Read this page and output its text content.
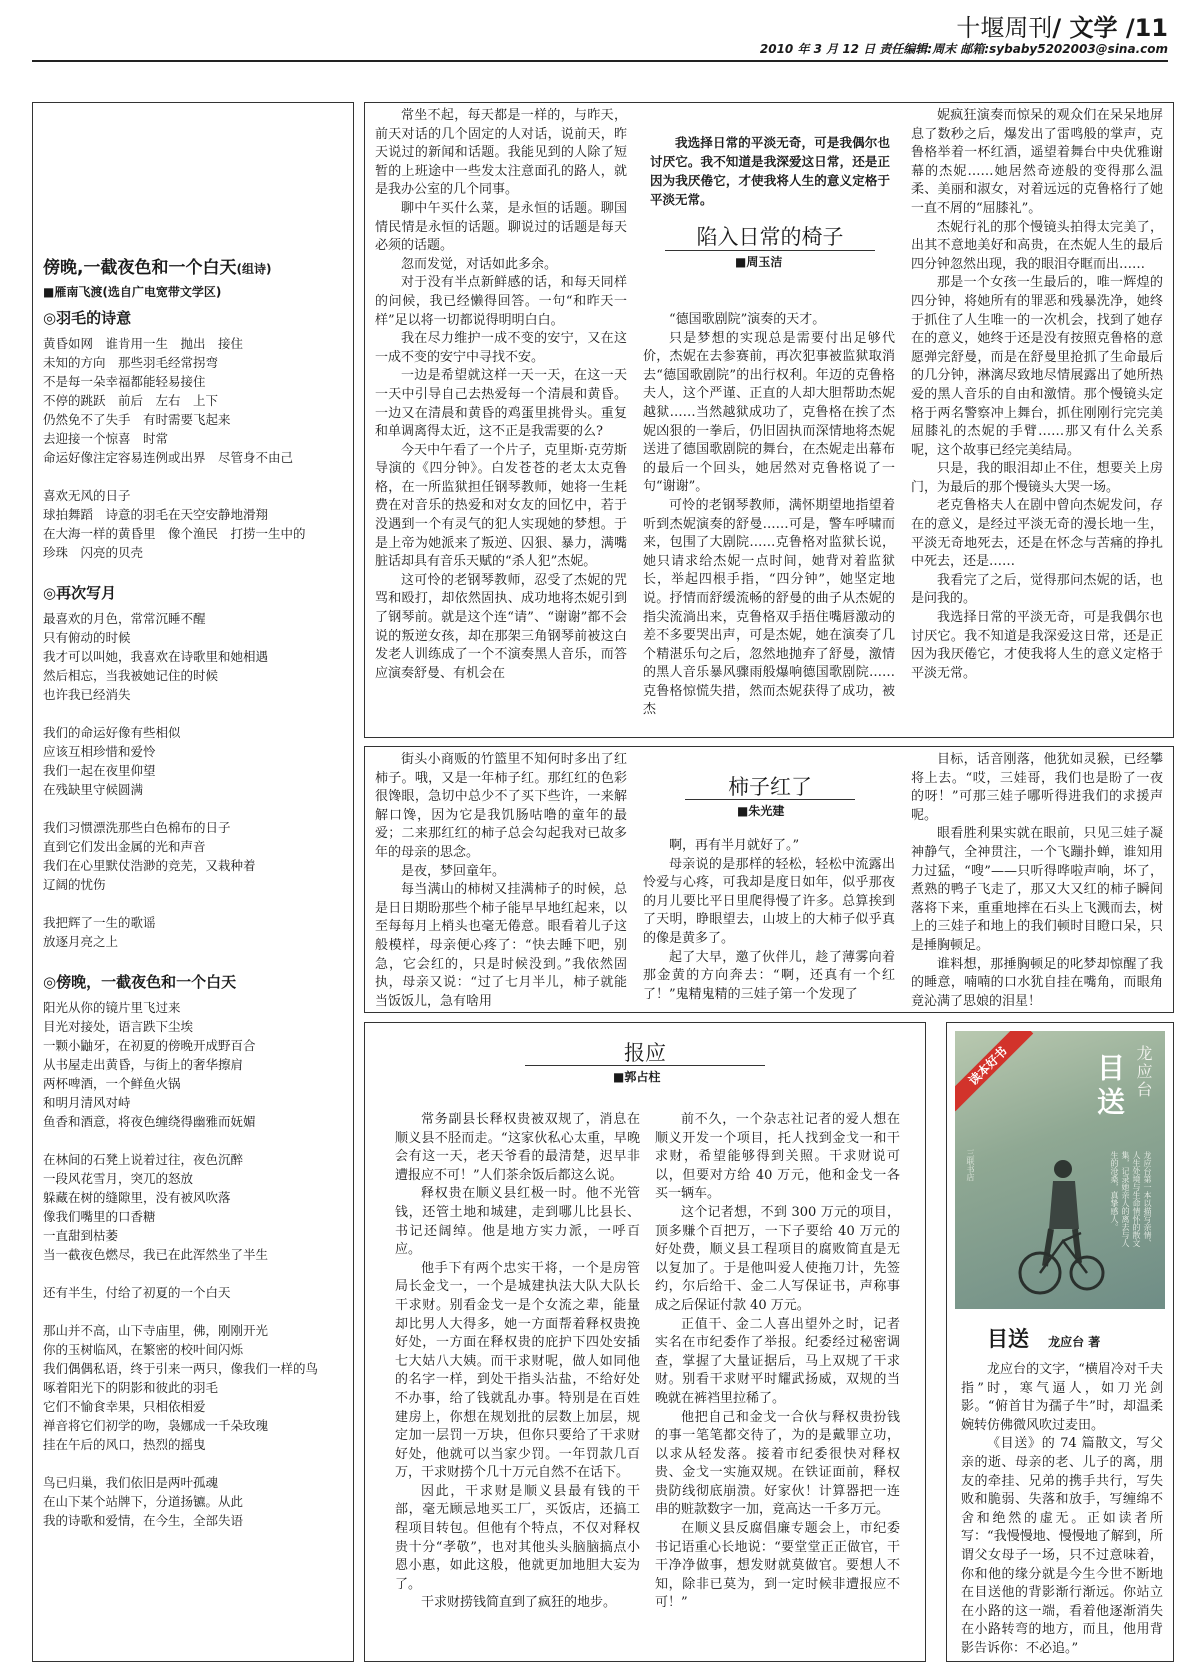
十堰周刊/ 文学 /11
2010 年 3 月 12 日 责任编辑:周末 邮箱:sybaby5202003@sina.com
傍晚,一截夜色和一个白天(组诗)
■雁南飞渡(选自广电宽带文学区)
◎羽毛的诗意
黄昏如网　谁肯用一生　抛出　接住
未知的方向　那些羽毛经常拐弯
不是每一朵幸福都能轻易接住
不停的跳跃　前后　左右　上下
仍然免不了失手　有时需要飞起来
去迎接一个惊喜　时常
命运好像注定容易连例或出界　尽管身不由己
喜欢无风的日子
球拍舞蹈　诗意的羽毛在天空安静地滑翔
在大海一样的黄昏里　像个渔民　打捞一生中的
珍珠　闪亮的贝壳
◎再次写月
最喜欢的月色，常常沉睡不醒
只有俯动的时候
我才可以叫她，我喜欢在诗歌里和她相遇
然后相忘，当我被她记住的时候
也许我已经消失
我们的命运好像有些相似
应该互相珍惜和爱怜
我们一起在夜里仰望
在残缺里守候圆满
我们习惯漂洗那些白色棉布的日子
直到它们发出金属的光和声音
我们在心里默仗浩渺的竞芜，又栽种着
辽阔的忧伤
我把辉了一生的歌谣
放逐月亮之上
◎傍晚，一截夜色和一个白天
阳光从你的镜片里飞过来
目光对接处，语言跌下尘埃
一颗小鼬牙，在初夏的傍晚开成野百合
从书屋走出黄昏，与街上的奢华擦肩
两杯啤酒，一个鲜鱼火锅
和明月清风对峙
鱼香和酒意，将夜色缠绕得幽雅而妩媚
在林间的石凳上说着过往，夜色沉醉
一段风花雪月，突兀的怒放
躲藏在树的缝隙里，没有被风吹落
像我们嘴里的口香糖
一直甜到枯萎
当一截夜色燃尽，我已在此浑然坐了半生
还有半生，付给了初夏的一个白天
那山并不高，山下寺庙里，佛，刚刚开光
你的玉树临风，在繁密的校叶间闪烁
我们偶偶私语，终于引来一两只，像我们一样的鸟
啄着阳光下的阴影和彼此的羽毛
它们不愉食幸果，只相依相爱
禅音将它们初学的吻，袅娜成一千朵玫瑰
挂在午后的风口，热烈的摇曳
鸟已归巢，我们依旧是两叶孤魂
在山下某个站牌下，分道扬镳。从此
我的诗歌和爱情，在今生，全部失语

常坐不起，每天都是一样的，与昨天，前天对话的几个固定的人对话，说前天，昨天说过的新闻和话题。我能见到的人除了短暂的上班途中一些发太注意面孔的路人，就是我办公室的几个同事。

聊中午买什么菜，是永恒的话题。聊国情民情是永恒的话题。聊说过的话题是每天必须的话题。

忽而发觉，对话如此多余。

对于没有半点新鲜感的话，和每天同样的问候，我已经懒得回答。一句“和昨天一样”足以将一切都说得明明白白。

我在尽力维护一成不变的安宁，又在这一成不变的安宁中寻找不安。

一边是希望就这样一天一天，在这一天一天中引导自己去热爱每一个清晨和黄昏。一边又在清晨和黄昏的鸡蛋里挑骨头。重复和单调离得太近，这不正是我需要的么?

今天中午看了一个片子，克里斯·克劳斯导演的《四分钟》。白发苍苍的老太太克鲁格，在一所监狱担任钢琴教师，她将一生耗费在对音乐的热爱和对女友的回忆中，若于没遇到一个有灵气的犯人实现她的梦想。于是上帝为她派来了叛逆、囚狠、暴力，满嘴脏话却具有音乐天赋的“杀人犯”杰妮。

这可怜的老钢琴教师，忍受了杰妮的咒骂和殴打，却依然固执、成功地将杰妮引到了钢琴前。就是这个连“请”、“谢谢”都不会说的叛逆女孩，却在那架三角钢琴前被这白发老人训练成了一个不演奏黑人音乐，而答应演奏舒曼、有机会在

我选择日常的平淡无奇，可是我偶尔也讨厌它。我不知道是我深爱这日常，还是正因为我厌倦它，才使我将人生的意义定格于平淡无常。

陷入日常的椅子
■周玉洁

“德国歌剧院”演奏的天才。

只是梦想的实现总是需要付出足够代价，杰妮在去参赛前，再次犯事被监狱取消去“德国歌剧院”的出行权利。年迈的克鲁格夫人，这个严谨、正直的人却大胆帮助杰妮越狱……当然越狱成功了，克鲁格在挨了杰妮凶狠的一拳后，仍旧固执而深情地将杰妮送进了德国歌剧院的舞台，在杰妮走出幕布的最后一个回头，她居然对克鲁格说了一句“谢谢”。

可怜的老钢琴教师，满怀期望地指望着听到杰妮演奏的舒曼……可是，警车呼啸而来，包围了大剧院……克鲁格对监狱长说，她只请求给杰妮一点时间，她背对着监狱长，举起四根手指，“四分钟”，她坚定地说。抒情而舒缓流畅的舒曼的曲子从杰妮的指尖流淌出来，克鲁格双手捂住嘴唇激动的差不多要哭出声，可是杰妮，她在演奏了几个精湛乐句之后，忽然地抛弃了舒曼，激情的黑人音乐暴风骤雨般爆响德国歌剧院……克鲁格惊慌失措，然而杰妮获得了成功，被杰

妮疯狂演奏而惊呆的观众们在呆呆地屏息了数秒之后，爆发出了雷鸣般的掌声，克鲁格举着一杯红酒，遥望着舞台中央优雅谢幕的杰妮……她居然奇迹般的变得那么温柔、美丽和淑女，对着远远的克鲁格行了她一直不屑的“屈膝礼”。

杰妮行礼的那个慢镜头拍得太完美了，出其不意地美好和高贵，在杰妮人生的最后四分钟忽然出现，我的眼泪夺眶而出……

那是一个女孩一生最后的，唯一辉煌的四分钟，将她所有的罪恶和残暴洗净，她终于抓住了人生唯一的一次机会，找到了她存在的意义，她终于还是没有按照克鲁格的意愿弹完舒曼，而是在舒曼里抢抓了生命最后的几分钟，淋漓尽致地尽情展露出了她所热爱的黑人音乐的自由和激情。那个慢镜头定格于两名警察冲上舞台，抓住刚刚行完完美屈膝礼的杰妮的手臂……那又有什么关系呢，这个故事已经完美结局。

只是，我的眼泪却止不住，想要关上房门，为最后的那个慢镜头大哭一场。

老克鲁格夫人在剧中曾向杰妮发问，存在的意义，是经过平淡无奇的漫长地一生，平淡无奇地死去，还是在怀念与苦痛的挣扎中死去，还是……

我看完了之后，觉得那问杰妮的话，也是问我的。

我选择日常的平淡无奇，可是我偶尔也讨厌它。我不知道是我深爱这日常，还是正因为我厌倦它，才使我将人生的意义定格于平淡无常。

街头小商贩的竹篮里不知何时多出了红柿子。哦，又是一年柿子红。那红红的色彩很馋眼，急切中总少不了买下些许，一来解解口馋，因为它是我饥肠咕噜的童年的最爱；二来那红红的柿子总会勾起我对已故多年的母亲的思念。

是夜，梦回童年。

每当满山的柿树又挂满柿子的时候，总是日日期盼那些个柿子能早早地红起来，以至每每月上梢头也毫无倦意。眼看着儿子这般模样，母亲便心疼了：“快去睡下吧，别急，它会红的，只是时候没到。”我依然固执，母亲又说：“过了七月半儿，柿子就能当饭饭儿，急有啥用

柿子红了
■朱光建

啊，再有半月就好了。”

母亲说的是那样的轻松，轻松中流露出怜爱与心疼，可我却是度日如年，似乎那夜的月儿要比平日里爬得慢了许多。总算挨到了天明，睁眼望去，山坡上的大柿子似乎真的像是黄多了。

起了大早，邀了伙伴儿，趁了薄雾向着那金黄的方向奔去：“啊，还真有一个红了！”鬼精鬼精的三娃子第一个发现了

目标，话音刚落，他犹如灵猴，已经攀将上去。“哎，三娃哥，我们也是盼了一夜的呀！”可那三娃子哪听得进我们的求援声呢。

眼看胜利果实就在眼前，只见三娃子凝神静气，全神贯注，一个飞蹦扑蝉，谁知用力过猛，“嗖”——只听得哗啦声响，坏了，煮熟的鸭子飞走了，那又大又红的柿子瞬间落将下来，重重地摔在石头上飞溅而去，树上的三娃子和地上的我们顿时目瞪口呆，只是捶胸顿足。

谁料想，那捶胸顿足的叱梦却惊醒了我的睡意，喃喃的口水犹自挂在嘴角，而眼角竟沁满了思娘的泪星！

报应
■郭占柱

常务副县长释权贵被双规了，消息在顺义县不胫而走。“这家伙私心太重，早晚会有这一天，老天爷看的最清楚，迟早非遭报应不可！”人们茶余饭后都这么说。

释权贵在顺义县红极一时。他不光管钱，还管土地和城建，走到哪儿比县长、书记还阔绰。他是地方实力派，一呼百应。

他手下有两个忠实干将，一个是房管局长金戈一，一个是城建执法大队大队长干求财。别看金戈一是个女流之辈，能量却比男人大得多，她一方面帮着释权贵挽好处，一方面在释权贵的庇护下四处安插七大姑八大姨。而干求财呢，做人如同他的名字一样，到处干指头沾盐，不给好处不办事，给了钱就乱办事。特别是在百姓建房上，你想在规划批的层数上加层，规定加一层罚一万块，但你只要给了干求财好处，他就可以当家少罚。一年罚款几百万，干求财捞个几十万元自然不在话下。

因此，干求财是顺义县最有钱的干部，毫无顾忌地买工厂，买饭店，还搞工程项目转包。但他有个特点，不仅对释权贵十分“孝敬”，也对其他头头脑脑搞点小恩小惠，如此这般，他就更加地胆大妄为了。

干求财捞钱简直到了疯狂的地步。

前不久，一个杂志社记者的爱人想在顺义开发一个项目，托人找到金戈一和干求财，希望能够得到关照。干求财说可以，但要对方给 40 万元，他和金戈一各买一辆车。

这个记者想，不到 300 万元的项目，顶多赚个百把万，一下子要给 40 万元的好处费，顺义县工程项目的腐败简直是无以复加了。于是他叫爱人使拖刀计，先签约，尔后给干、金二人写保证书，声称事成之后保证付款 40 万元。

正值干、金二人喜出望外之时，记者实名在市纪委作了举报。纪委经过秘密调查，掌握了大量证据后，马上双规了干求财。别看干求财平时耀武扬威，双规的当晚就在裤裆里拉稀了。

他把自己和金戈一合伙与释权贵扮钱的事一笔笔都交待了，为的是戴罪立功，以求从轻发落。接着市纪委很快对释权贵、金戈一实施双规。在铁证面前，释权贵防线彻底崩溃。好家伙！计算器把一连串的赃款数字一加，竟高达一千多万元。

在顺义县反腐倡廉专题会上，市纪委书记语重心长地说：“要堂堂正正做官，干干净净做事，想发财就莫做官。要想人不知，除非已莫为，到一定时候非遭报应不可！”

读本好书	龙应台
目送
龙应台第一本以描写亲情、人生处境与生命情怀的散文集，记录她亲人的离去与人生的沧桑，真挚感人。
三联书店
目送 龙应台 著

龙应台的文字，“横眉冷对千夫指”时，寒气逼人，如刀光剑影。“俯首甘为孺子牛”时，却温柔婉转仿佛微风吹过麦田。

《目送》的 74 篇散文，写父亲的逝、母亲的老、儿子的离，朋友的牵挂、兄弟的携手共行，写失败和脆弱、失落和放手，写缠绵不舍和绝然的虚无。正如读者所写：“我慢慢地、慢慢地了解到，所谓父女母子一场，只不过意味着，你和他的缘分就是今生今世不断地在目送他的背影渐行渐远。你站立在小路的这一端，看着他逐渐消失在小路转弯的地方，而且，他用背影告诉你：不必追。”
